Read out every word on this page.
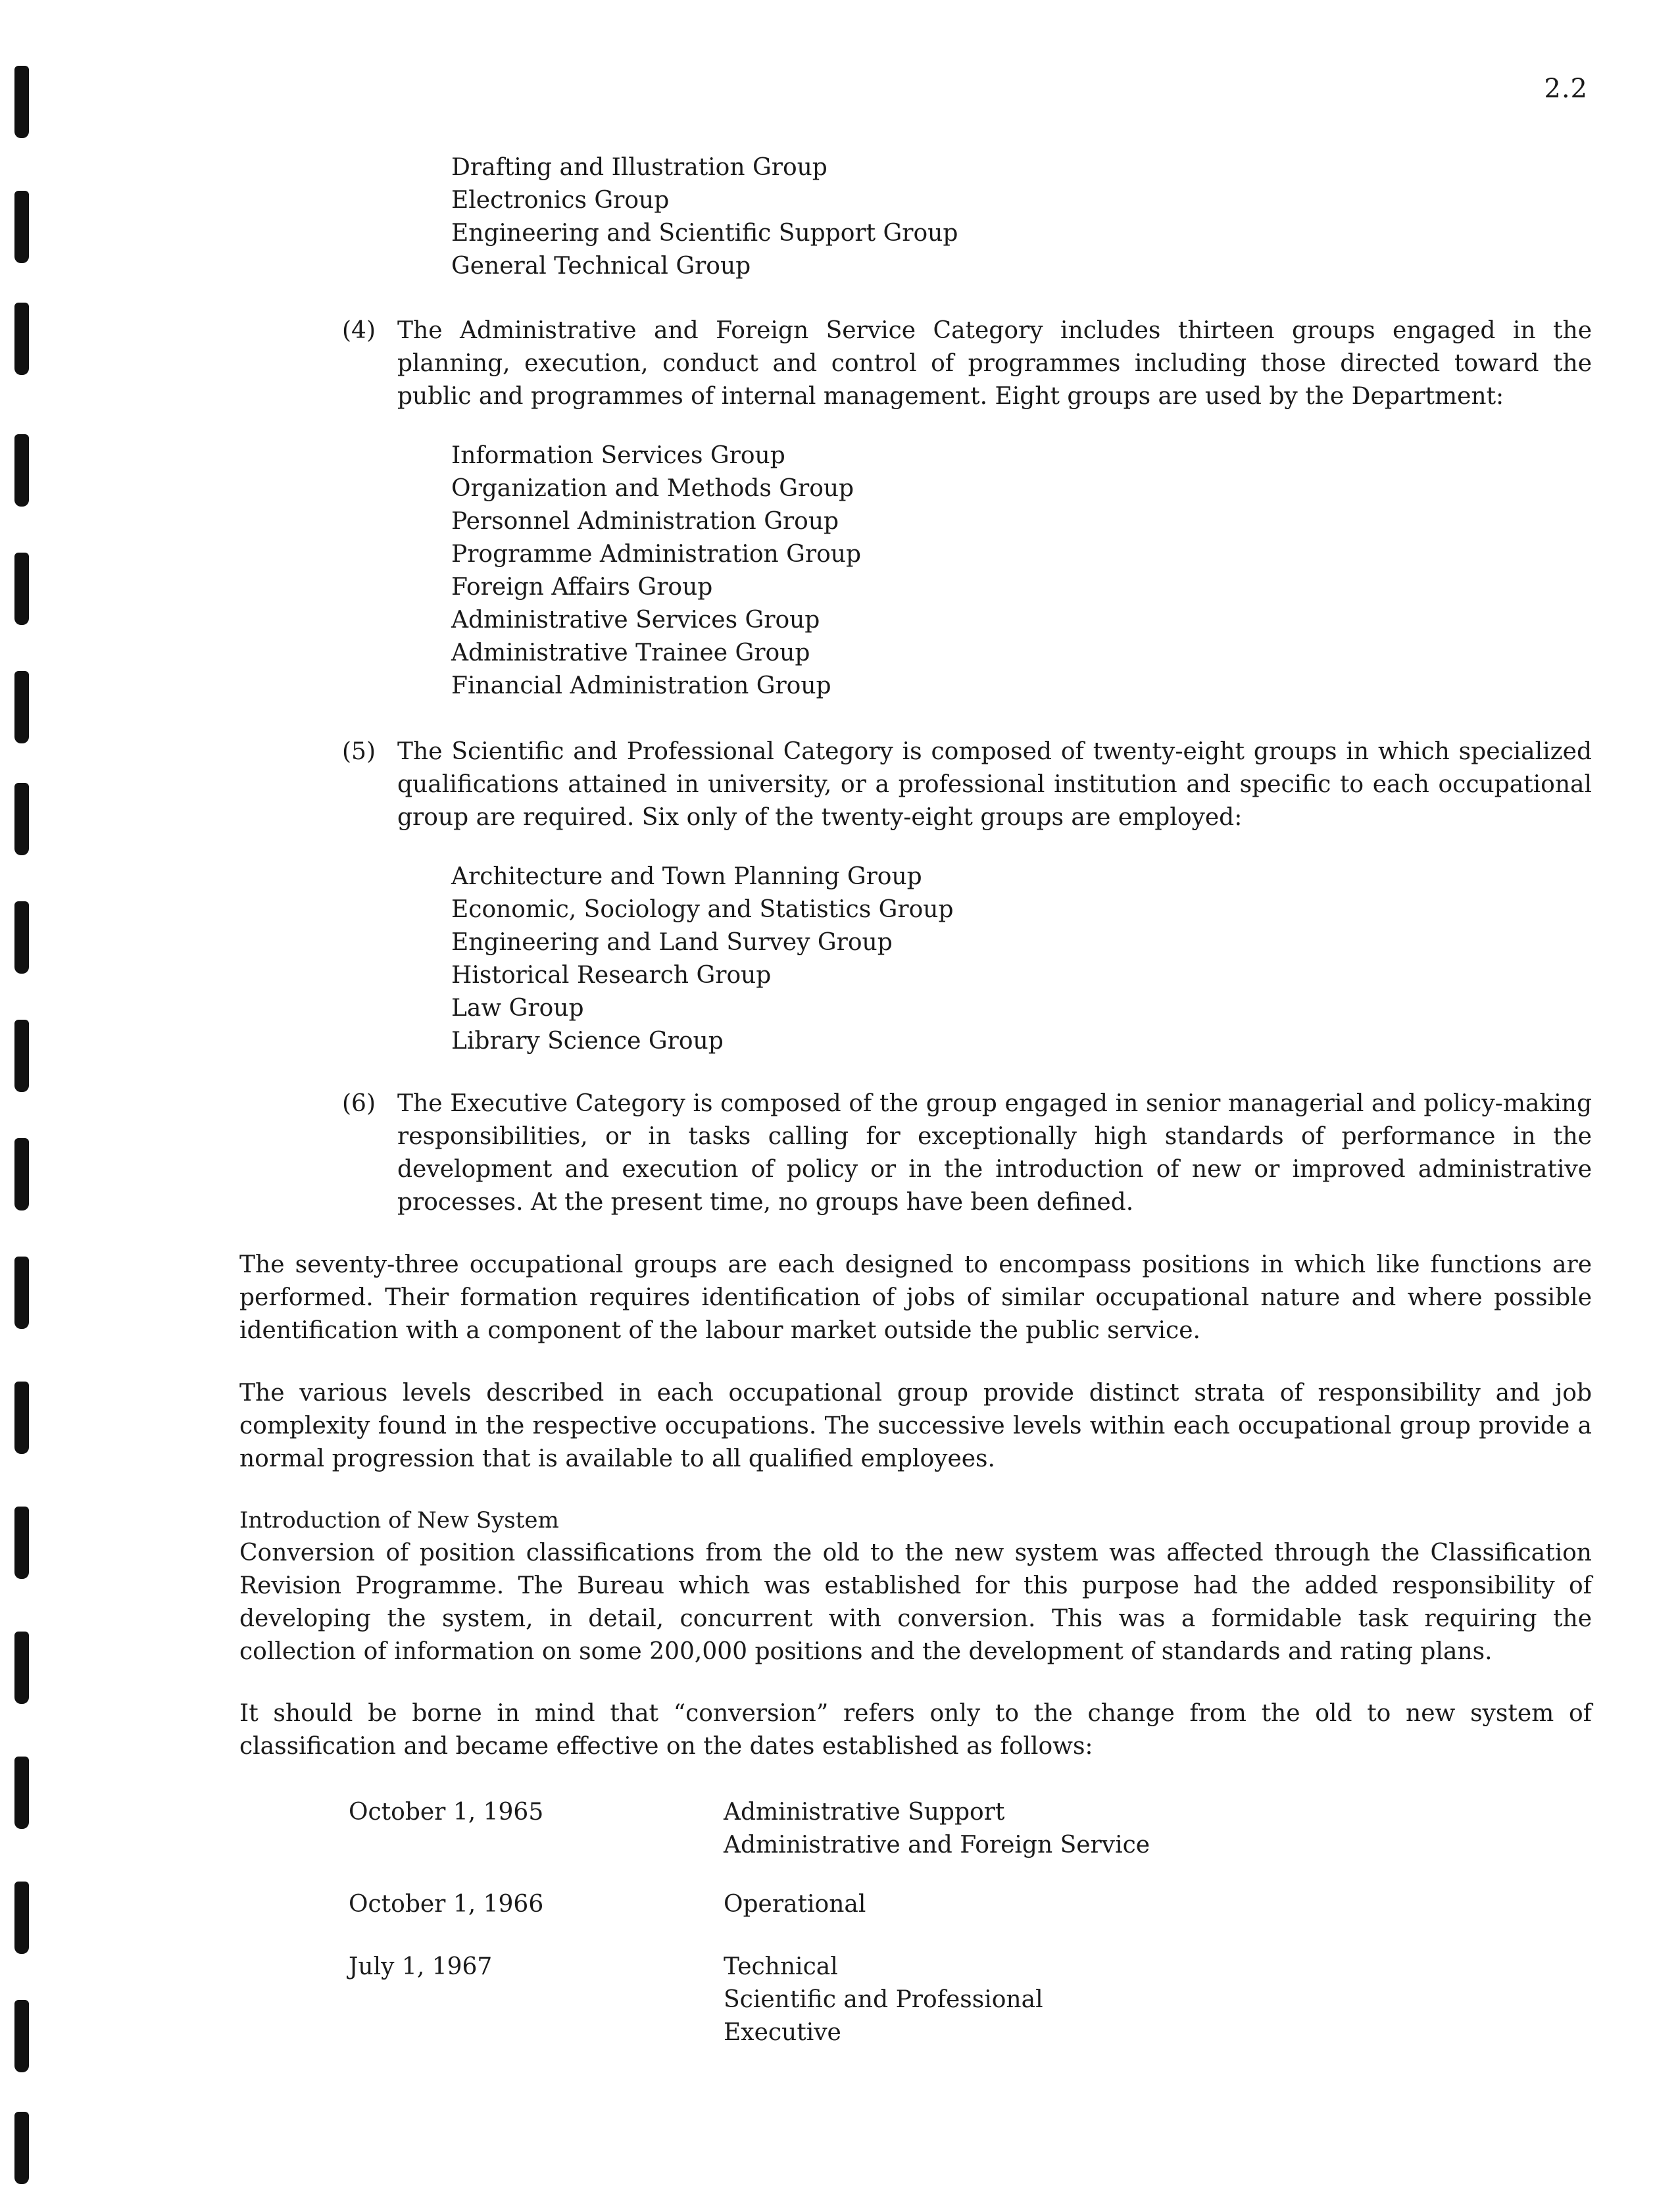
2.2
Drafting and Illustration Group
Electronics Group
Engineering and Scientific Support Group
General Technical Group
(4) The Administrative and Foreign Service Category includes thirteen groups engaged in the planning, execution, conduct and control of programmes including those directed toward the public and programmes of internal management. Eight groups are used by the Department:
Information Services Group
Organization and Methods Group
Personnel Administration Group
Programme Administration Group
Foreign Affairs Group
Administrative Services Group
Administrative Trainee Group
Financial Administration Group
(5) The Scientific and Professional Category is composed of twenty-eight groups in which specialized qualifications attained in university, or a professional institution and specific to each occupational group are required. Six only of the twenty-eight groups are employed:
Architecture and Town Planning Group
Economic, Sociology and Statistics Group
Engineering and Land Survey Group
Historical Research Group
Law Group
Library Science Group
(6) The Executive Category is composed of the group engaged in senior managerial and policy-making responsibilities, or in tasks calling for exceptionally high standards of performance in the development and execution of policy or in the introduction of new or improved administrative processes. At the present time, no groups have been defined.
The seventy-three occupational groups are each designed to encompass positions in which like functions are performed. Their formation requires identification of jobs of similar occupational nature and where possible identification with a component of the labour market outside the public service.
The various levels described in each occupational group provide distinct strata of responsibility and job complexity found in the respective occupations. The successive levels within each occupational group provide a normal progression that is available to all qualified employees.
Introduction of New System
Conversion of position classifications from the old to the new system was affected through the Classification Revision Programme. The Bureau which was established for this purpose had the added responsibility of developing the system, in detail, concurrent with conversion. This was a formidable task requiring the collection of information on some 200,000 positions and the development of standards and rating plans.
It should be borne in mind that “conversion” refers only to the change from the old to new system of classification and became effective on the dates established as follows:
October 1, 1965	Administrative Support
Administrative and Foreign Service
October 1, 1966	Operational
July 1, 1967	Technical
Scientific and Professional
Executive
